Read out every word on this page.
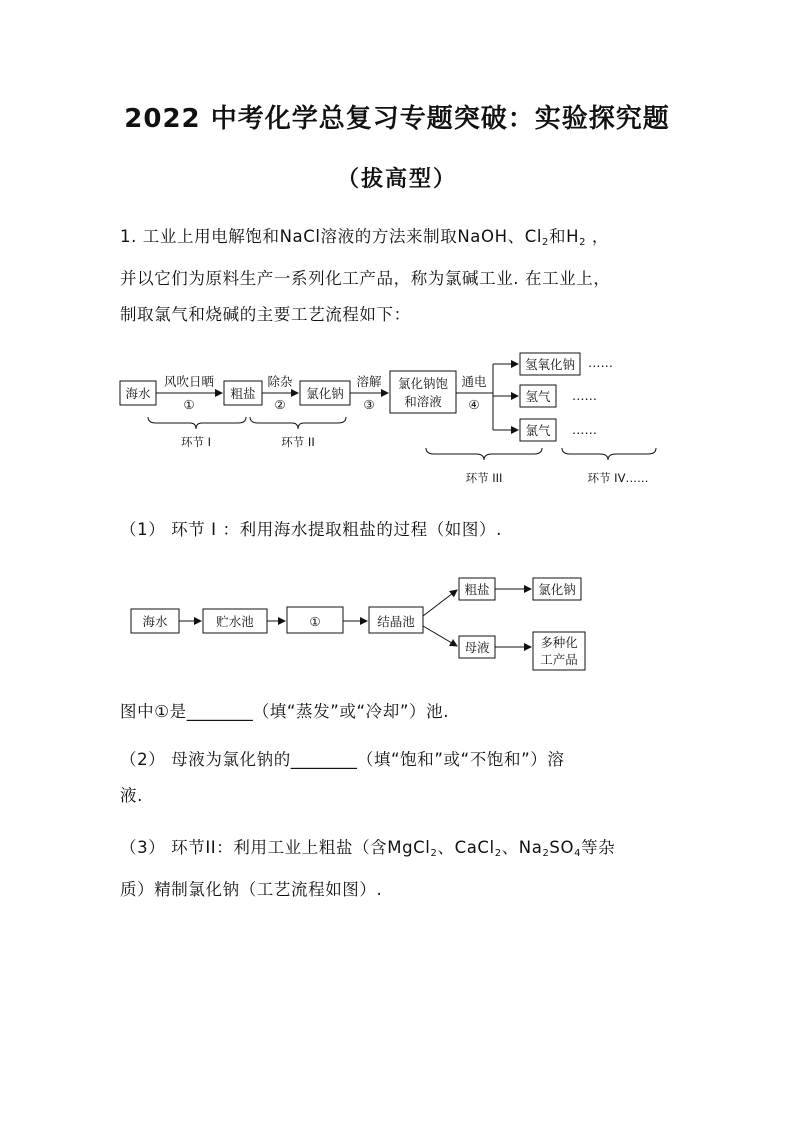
2022 中考化学总复习专题突破：实验探究题
（拔高型）
1. 工业上用电解饱和NaCl溶液的方法来制取NaOH、$Cl_2$和$H_2$ ，
并以它们为原料生产一系列化工产品，称为氯碱工业. 在工业上，
制取氯气和烧碱的主要工艺流程如下：
海水	粗盐	氯化钠
氯化钠饱
和溶液
氢氧化钠
氢气
氯气
风吹日晒
①
除杂
②
溶解
③
通电
④
……
……
……
环节 I	环节 II
环节 III	环节 IV……
（1） 环节 I ：利用海水提取粗盐的过程（如图）.
海水	贮水池	①	结晶池
粗盐	氯化钠
母液	多种化
工产品
图中①是________（填“蒸发”或“冷却”）池.
（2） 母液为氯化钠的________（填“饱和”或“不饱和”）溶
液.
（3） 环节II：利用工业上粗盐（含MgCl$_2$、CaCl$_2$、$Na_2SO_4$等杂
质）精制氯化钠（工艺流程如图）.
